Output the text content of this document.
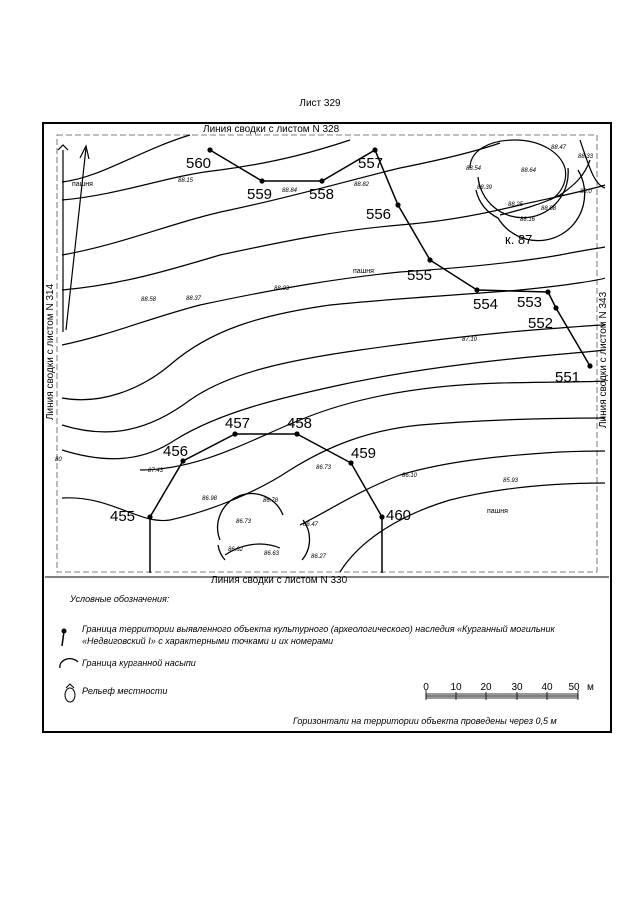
Лист 329
560
559 558
557
556
555
554 553
552
551
455
456
457 458
459
460
к. 87
пашня
пашня
пашня
88.15
88.84
88.82
88.54	88.64
88.47
88.33
88.39
88.0
88.25
88.08
88.16
88.58	88.37
88.03
87.10
87.43
86.98	86.78
86.73	86.47
86.62
86.63	86.27
86.73
86.10
85.93
80
Линия сводки с листом N 328
Линия сводки с листом N 330
Линия сводки с листом N 314	Линия сводки с листом N 343
Условные обозначения:
Граница территории выявленного объекта культурного (археологического) наследия «Курганный могильник «Недвиговский I» с характерными точками и их номерами
Граница курганной насыпи
Рельеф местности	0 10 20 30 40 50 м
Горизонтали на территории объекта проведены через 0,5 м
